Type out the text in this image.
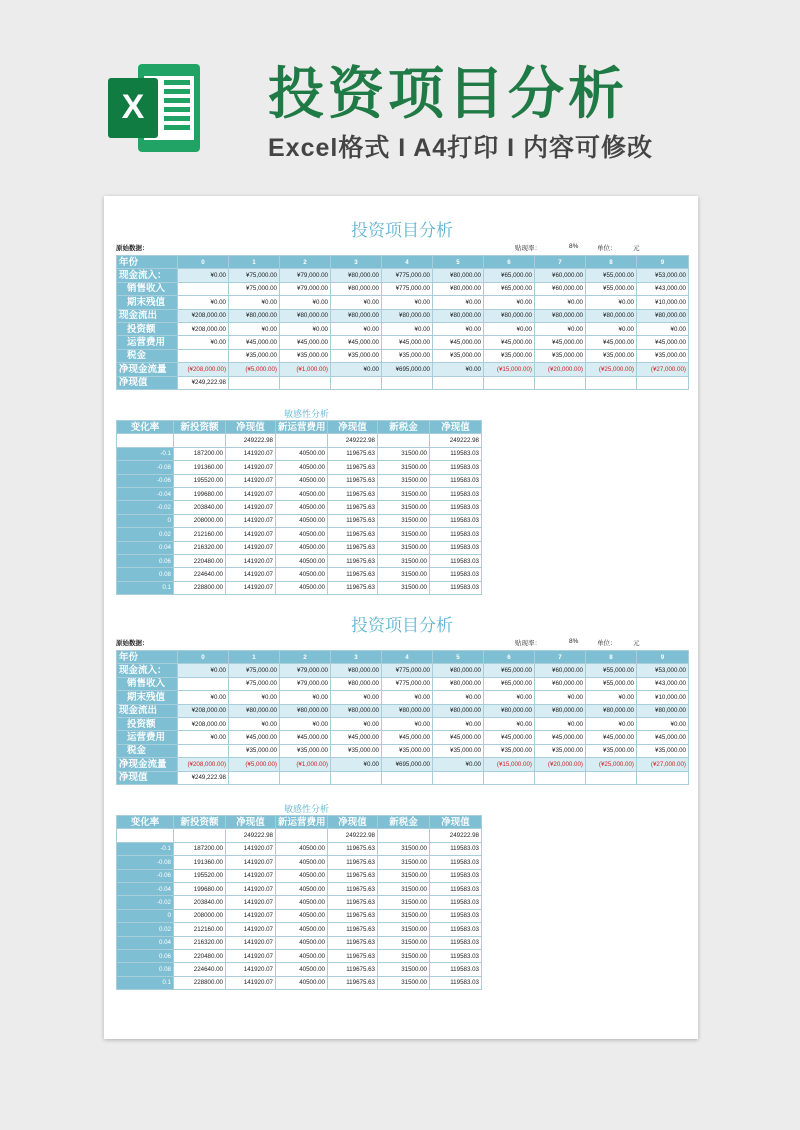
X 投资项目分析
Excel格式 I A4打印 I 内容可修改
投资项目分析
原始数据：	贴现率：	8%	单位：	元
年份	0	1	2	3	4	5	6	7	8	9
现金流入：	¥0.00	¥75,000.00	¥79,000.00	¥80,000.00	¥775,000.00	¥80,000.00	¥65,000.00	¥60,000.00	¥55,000.00	¥53,000.00
销售收入		¥75,000.00	¥79,000.00	¥80,000.00	¥775,000.00	¥80,000.00	¥65,000.00	¥60,000.00	¥55,000.00	¥43,000.00
期末残值	¥0.00	¥0.00	¥0.00	¥0.00	¥0.00	¥0.00	¥0.00	¥0.00	¥0.00	¥10,000.00
现金流出	¥208,000.00	¥80,000.00	¥80,000.00	¥80,000.00	¥80,000.00	¥80,000.00	¥80,000.00	¥80,000.00	¥80,000.00	¥80,000.00
投资额	¥208,000.00	¥0.00	¥0.00	¥0.00	¥0.00	¥0.00	¥0.00	¥0.00	¥0.00	¥0.00
运营费用	¥0.00	¥45,000.00	¥45,000.00	¥45,000.00	¥45,000.00	¥45,000.00	¥45,000.00	¥45,000.00	¥45,000.00	¥45,000.00
税金		¥35,000.00	¥35,000.00	¥35,000.00	¥35,000.00	¥35,000.00	¥35,000.00	¥35,000.00	¥35,000.00	¥35,000.00
净现金流量	(¥208,000.00)	(¥5,000.00)	(¥1,000.00)	¥0.00	¥695,000.00	¥0.00	(¥15,000.00)	(¥20,000.00)	(¥25,000.00)	(¥27,000.00)
净现值	¥249,222.98									
敏感性分析
变化率	新投资额	净现值	新运营费用	净现值	新税金	净现值
		249222.98		249222.98		249222.98
-0.1	187200.00	141920.07	40500.00	119675.63	31500.00	119583.03
-0.08	191360.00	141920.07	40500.00	119675.63	31500.00	119583.03
-0.06	195520.00	141920.07	40500.00	119675.63	31500.00	119583.03
-0.04	199680.00	141920.07	40500.00	119675.63	31500.00	119583.03
-0.02	203840.00	141920.07	40500.00	119675.63	31500.00	119583.03
0	208000.00	141920.07	40500.00	119675.63	31500.00	119583.03
0.02	212160.00	141920.07	40500.00	119675.63	31500.00	119583.03
0.04	216320.00	141920.07	40500.00	119675.63	31500.00	119583.03
0.06	220480.00	141920.07	40500.00	119675.63	31500.00	119583.03
0.08	224640.00	141920.07	40500.00	119675.63	31500.00	119583.03
0.1	228800.00	141920.07	40500.00	119675.63	31500.00	119583.03
投资项目分析
原始数据：	贴现率：	8%	单位：	元
年份	0	1	2	3	4	5	6	7	8	9
现金流入：	¥0.00	¥75,000.00	¥79,000.00	¥80,000.00	¥775,000.00	¥80,000.00	¥65,000.00	¥60,000.00	¥55,000.00	¥53,000.00
销售收入		¥75,000.00	¥79,000.00	¥80,000.00	¥775,000.00	¥80,000.00	¥65,000.00	¥60,000.00	¥55,000.00	¥43,000.00
期末残值	¥0.00	¥0.00	¥0.00	¥0.00	¥0.00	¥0.00	¥0.00	¥0.00	¥0.00	¥10,000.00
现金流出	¥208,000.00	¥80,000.00	¥80,000.00	¥80,000.00	¥80,000.00	¥80,000.00	¥80,000.00	¥80,000.00	¥80,000.00	¥80,000.00
投资额	¥208,000.00	¥0.00	¥0.00	¥0.00	¥0.00	¥0.00	¥0.00	¥0.00	¥0.00	¥0.00
运营费用	¥0.00	¥45,000.00	¥45,000.00	¥45,000.00	¥45,000.00	¥45,000.00	¥45,000.00	¥45,000.00	¥45,000.00	¥45,000.00
税金		¥35,000.00	¥35,000.00	¥35,000.00	¥35,000.00	¥35,000.00	¥35,000.00	¥35,000.00	¥35,000.00	¥35,000.00
净现金流量	(¥208,000.00)	(¥5,000.00)	(¥1,000.00)	¥0.00	¥695,000.00	¥0.00	(¥15,000.00)	(¥20,000.00)	(¥25,000.00)	(¥27,000.00)
净现值	¥249,222.98									
敏感性分析
变化率	新投资额	净现值	新运营费用	净现值	新税金	净现值
		249222.98		249222.98		249222.98
-0.1	187200.00	141920.07	40500.00	119675.63	31500.00	119583.03
-0.08	191360.00	141920.07	40500.00	119675.63	31500.00	119583.03
-0.06	195520.00	141920.07	40500.00	119675.63	31500.00	119583.03
-0.04	199680.00	141920.07	40500.00	119675.63	31500.00	119583.03
-0.02	203840.00	141920.07	40500.00	119675.63	31500.00	119583.03
0	208000.00	141920.07	40500.00	119675.63	31500.00	119583.03
0.02	212160.00	141920.07	40500.00	119675.63	31500.00	119583.03
0.04	216320.00	141920.07	40500.00	119675.63	31500.00	119583.03
0.06	220480.00	141920.07	40500.00	119675.63	31500.00	119583.03
0.08	224640.00	141920.07	40500.00	119675.63	31500.00	119583.03
0.1	228800.00	141920.07	40500.00	119675.63	31500.00	119583.03
